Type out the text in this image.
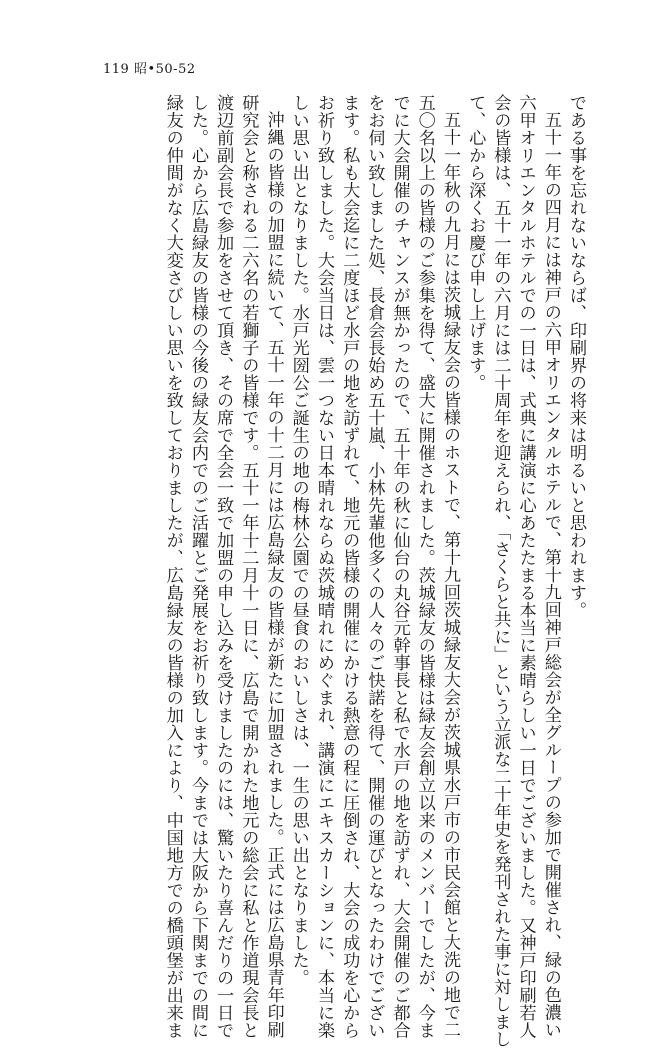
119 昭•50-52
である事を忘れないならば、印刷界の将来は明るいと思われます。
五十一年の四月には神戸の六甲オリエンタルホテルで、第十九回神戸総会が全グループの参加で開催され、緑の色濃い
六甲オリエンタルホテルでの一日は、式典に講演に心あたたまる本当に素晴らしい一日でございました。又神戸印刷若人
会の皆様は、五十一年の六月には二十周年を迎えられ、「さくらと共に」という立派な二十年史を発刊された事に対しまし
て、心から深くお慶び申し上げます。
五十一年秋の九月には茨城緑友会の皆様のホストで、第十九回茨城緑友大会が茨城県水戸市の市民会館と大洗の地で二
五〇名以上の皆様のご参集を得て、盛大に開催されました。茨城緑友の皆様は緑友会創立以来のメンバーでしたが、今ま
でに大会開催のチャンスが無かったので、五十年の秋に仙台の丸谷元幹事長と私で水戸の地を訪ずれ、大会開催のご都合
をお伺い致しました処、長倉会長始め五十嵐、小林先輩他多くの人々のご快諾を得て、開催の運びとなったわけでござい
ます。私も大会迄に二度ほど水戸の地を訪ずれて、地元の皆様の開催にかける熱意の程に圧倒され、大会の成功を心から
お祈り致しました。大会当日は、雲一つない日本晴れならぬ茨城晴れにめぐまれ、講演にエキスカーションに、本当に楽
しい思い出となりました。水戸光圀公ご誕生の地の梅林公園での昼食のおいしさは、一生の思い出となりました。
沖縄の皆様の加盟に続いて、五十一年の十二月には広島緑友の皆様が新たに加盟されました。正式には広島県青年印刷
研究会と称される二六名の若獅子の皆様です。五十一年十二月十一日に、広島で開かれた地元の総会に私と作道現会長と
渡辺前副会長で参加をさせて頂き、その席で全会一致で加盟の申し込みを受けましたのには、驚いたり喜んだりの一日で
した。心から広島緑友の皆様の今後の緑友会内でのご活躍とご発展をお祈り致します。今までは大阪から下関までの間に
緑友の仲間がなく大変さびしい思いを致しておりましたが、広島緑友の皆様の加入により、中国地方での橋頭堡が出来ま
